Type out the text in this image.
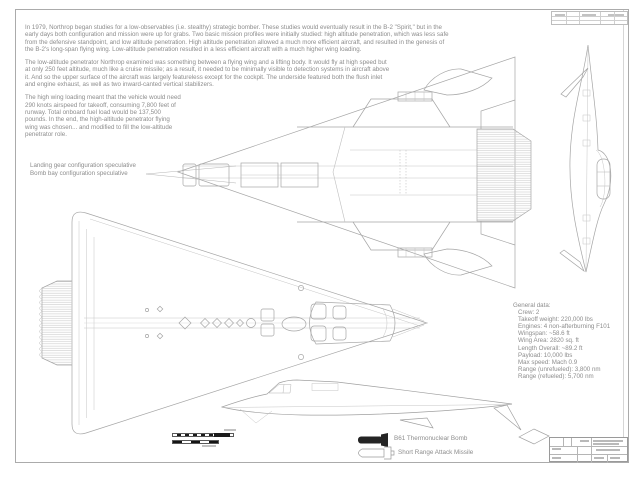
In 1979, Northrop began studies for a low-observables (i.e. stealthy) strategic bomber. These studies would eventually result in the B-2 "Spirit," but in the early days both configuration and mission were up for grabs. Two basic mission profiles were initially studied: high altitude penetration, which was less safe from the defensive standpoint, and low altitude penetration. High altitude penetration allowed a much more efficient aircraft, and resulted in the genesis of the B-2's long-span flying wing. Low-altitude penetration resulted in a less efficient aircraft with a much higher wing loading.

The low-altitude penetrator Northrop examined was something between a flying wing and a lifting body. It would fly at high speed but at only 250 feet altitude, much like a cruise missile; as a result, it needed to be minimally visible to detection systems in aircraft above it. And so the upper surface of the aircraft was largely featureless except for the cockpit. The underside featured both the flush inlet and engine exhaust, as well as two inward-canted vertical stabilizers.

The high wing loading meant that the vehicle would need 290 knots airspeed for takeoff, consuming 7,800 feet of runway. Total onboard fuel load would be 137,500 pounds. In the end, the high-altitude penetrator flying wing was chosen... and modified to fill the low-altitude penetrator role.

Landing gear configuration speculative
Bomb bay configuration speculative
General data:
Crew: 2
Takeoff weight: 220,000 lbs
Engines: 4 non-afterburning F101
Wingspan: ~58.6 ft
Wing Area: 2820 sq. ft
Length Overall: ~89.2 ft
Payload: 10,000 lbs
Max speed: Mach 0.9
Range (unrefueled): 3,800 nm
Range (refueled): 5,700 nm
B61 Thermonuclear Bomb
Short Range Attack Missile
